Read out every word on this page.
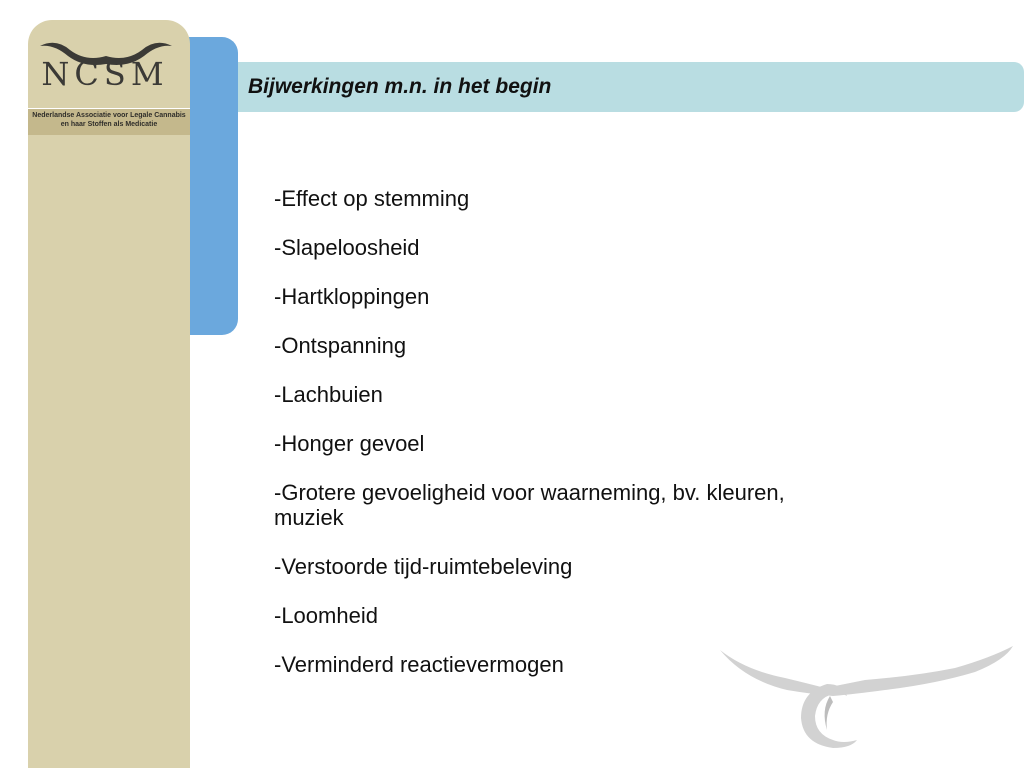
NCSM
Nederlandse Associatie voor Legale Cannabis
en haar Stoffen als Medicatie
Bijwerkingen m.n. in het begin
-Effect op stemming
-Slapeloosheid
-Hartkloppingen
-Ontspanning
-Lachbuien
-Honger gevoel
-Grotere gevoeligheid voor waarneming, bv. kleuren, muziek
-Verstoorde tijd-ruimtebeleving
-Loomheid
-Verminderd reactievermogen
